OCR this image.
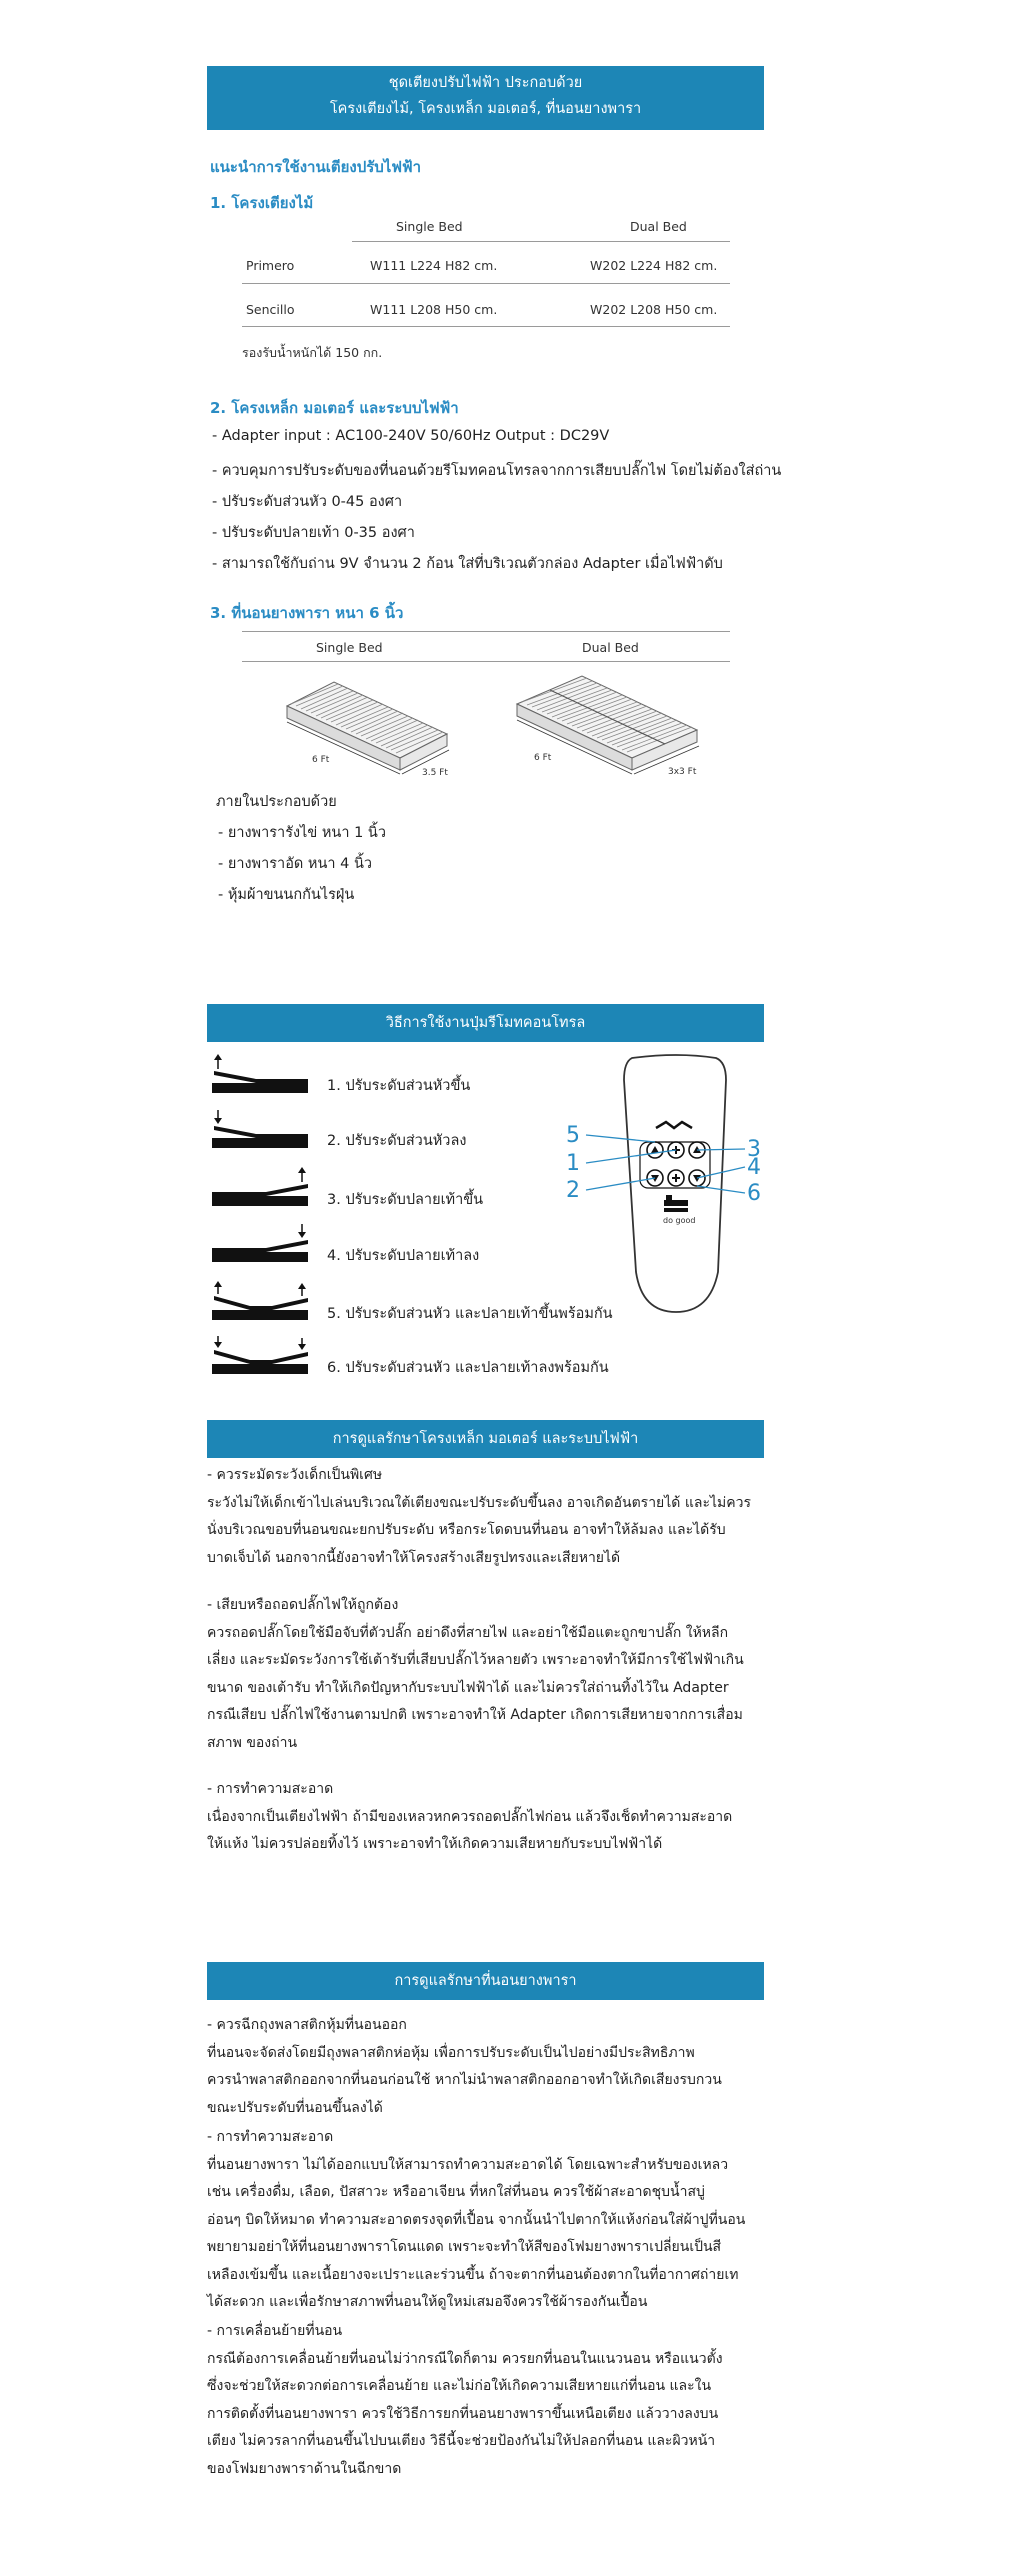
ชุดเตียงปรับไฟฟ้า ประกอบด้วย
โครงเตียงไม้, โครงเหล็ก มอเตอร์, ที่นอนยางพารา
แนะนำการใช้งานเตียงปรับไฟฟ้า
1. โครงเตียงไม้
Single Bed	Dual Bed
Primero	W111 L224 H82 cm.	W202 L224 H82 cm.
Sencillo	W111 L208 H50 cm.	W202 L208 H50 cm.
รองรับน้ำหนักได้ 150 กก.
2. โครงเหล็ก มอเตอร์ และระบบไฟฟ้า
- Adapter input : AC100-240V 50/60Hz Output : DC29V
- ควบคุมการปรับระดับของที่นอนด้วยรีโมทคอนโทรลจากการเสียบปลั๊กไฟ โดยไม่ต้องใส่ถ่าน
- ปรับระดับส่วนหัว 0-45 องศา
- ปรับระดับปลายเท้า 0-35 องศา
- สามารถใช้กับถ่าน 9V จำนวน 2 ก้อน ใส่ที่บริเวณตัวกล่อง Adapter เมื่อไฟฟ้าดับ
3. ที่นอนยางพารา หนา 6 นิ้ว
Single Bed	Dual Bed
6 Ft
3.5 Ft
6 Ft
3x3 Ft
ภายในประกอบด้วย
- ยางพารารังไข่ หนา 1 นิ้ว
- ยางพาราอัด หนา 4 นิ้ว
- หุ้มผ้าขนนกกันไรฝุ่น
วิธีการใช้งานปุ่มรีโมทคอนโทรล
1. ปรับระดับส่วนหัวขึ้น
2. ปรับระดับส่วนหัวลง
3. ปรับระดับปลายเท้าขึ้น
4. ปรับระดับปลายเท้าลง
5. ปรับระดับส่วนหัว และปลายเท้าขึ้นพร้อมกัน
6. ปรับระดับส่วนหัว และปลายเท้าลงพร้อมกัน
do good
5
1
2
3
4
6
การดูแลรักษาโครงเหล็ก มอเตอร์ และระบบไฟฟ้า
- ควรระมัดระวังเด็กเป็นพิเศษ
ระวังไม่ให้เด็กเข้าไปเล่นบริเวณใต้เตียงขณะปรับระดับขึ้นลง อาจเกิดอันตรายได้ และไม่ควร
นั่งบริเวณขอบที่นอนขณะยกปรับระดับ หรือกระโดดบนที่นอน อาจทำให้ล้มลง และได้รับ
บาดเจ็บได้ นอกจากนี้ยังอาจทำให้โครงสร้างเสียรูปทรงและเสียหายได้
- เสียบหรือถอดปลั๊กไฟให้ถูกต้อง
ควรถอดปลั๊กโดยใช้มือจับที่ตัวปลั๊ก อย่าดึงที่สายไฟ และอย่าใช้มือแตะถูกขาปลั๊ก ให้หลีก
เลี่ยง และระมัดระวังการใช้เต้ารับที่เสียบปลั๊กไว้หลายตัว เพราะอาจทำให้มีการใช้ไฟฟ้าเกิน
ขนาด ของเต้ารับ ทำให้เกิดปัญหากับระบบไฟฟ้าได้ และไม่ควรใส่ถ่านทิ้งไว้ใน Adapter
กรณีเสียบ ปลั๊กไฟใช้งานตามปกติ เพราะอาจทำให้ Adapter เกิดการเสียหายจากการเสื่อม
สภาพ ของถ่าน
- การทำความสะอาด
เนื่องจากเป็นเตียงไฟฟ้า ถ้ามีของเหลวหกควรถอดปลั๊กไฟก่อน แล้วจึงเช็ดทำความสะอาด
ให้แห้ง ไม่ควรปล่อยทิ้งไว้ เพราะอาจทำให้เกิดความเสียหายกับระบบไฟฟ้าได้
การดูแลรักษาที่นอนยางพารา
- ควรฉีกถุงพลาสติกหุ้มที่นอนออก
ที่นอนจะจัดส่งโดยมีถุงพลาสติกห่อหุ้ม เพื่อการปรับระดับเป็นไปอย่างมีประสิทธิภาพ
ควรนำพลาสติกออกจากที่นอนก่อนใช้ หากไม่นำพลาสติกออกอาจทำให้เกิดเสียงรบกวน
ขณะปรับระดับที่นอนขึ้นลงได้
- การทำความสะอาด
ที่นอนยางพารา ไม่ได้ออกแบบให้สามารถทำความสะอาดได้ โดยเฉพาะสำหรับของเหลว
เช่น เครื่องดื่ม, เลือด, ปัสสาวะ หรืออาเจียน ที่หกใส่ที่นอน ควรใช้ผ้าสะอาดชุบน้ำสบู่
อ่อนๆ บิดให้หมาด ทำความสะอาดตรงจุดที่เปื้อน จากนั้นนำไปตากให้แห้งก่อนใส่ผ้าปูที่นอน
พยายามอย่าให้ที่นอนยางพาราโดนแดด เพราะจะทำให้สีของโฟมยางพาราเปลี่ยนเป็นสี
เหลืองเข้มขึ้น และเนื้อยางจะเปราะและร่วนขึ้น ถ้าจะตากที่นอนต้องตากในที่อากาศถ่ายเท
ได้สะดวก และเพื่อรักษาสภาพที่นอนให้ดูใหม่เสมอจึงควรใช้ผ้ารองกันเปื้อน
- การเคลื่อนย้ายที่นอน
กรณีต้องการเคลื่อนย้ายที่นอนไม่ว่ากรณีใดก็ตาม ควรยกที่นอนในแนวนอน หรือแนวตั้ง
ซึ่งจะช่วยให้สะดวกต่อการเคลื่อนย้าย และไม่ก่อให้เกิดความเสียหายแก่ที่นอน และใน
การติดตั้งที่นอนยางพารา ควรใช้วิธีการยกที่นอนยางพาราขึ้นเหนือเตียง แล้ววางลงบน
เตียง ไม่ควรลากที่นอนขึ้นไปบนเตียง วิธีนี้จะช่วยป้องกันไม่ให้ปลอกที่นอน และผิวหน้า
ของโฟมยางพาราด้านในฉีกขาด
